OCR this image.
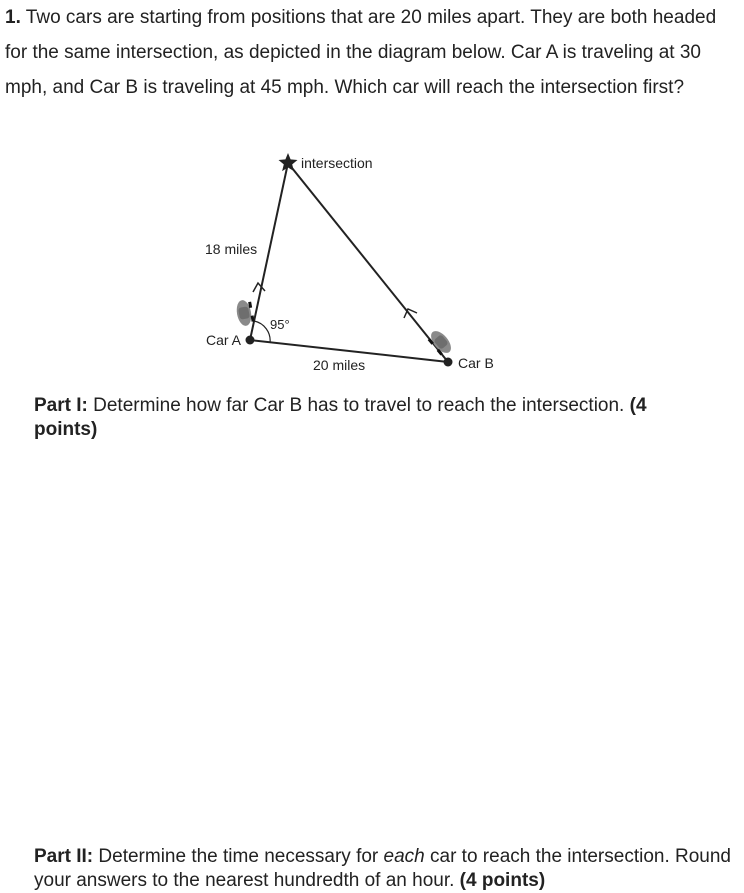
1. Two cars are starting from positions that are 20 miles apart. They are both headed for the same intersection, as depicted in the diagram below. Car A is traveling at 30 mph, and Car B is traveling at 45 mph. Which car will reach the intersection first?

intersection
18 miles
95°
Car A
20 miles	Car B

Part I: Determine how far Car B has to travel to reach the intersection. (4 points)

Part II: Determine the time necessary for each car to reach the intersection. Round your answers to the nearest hundredth of an hour. (4 points)
